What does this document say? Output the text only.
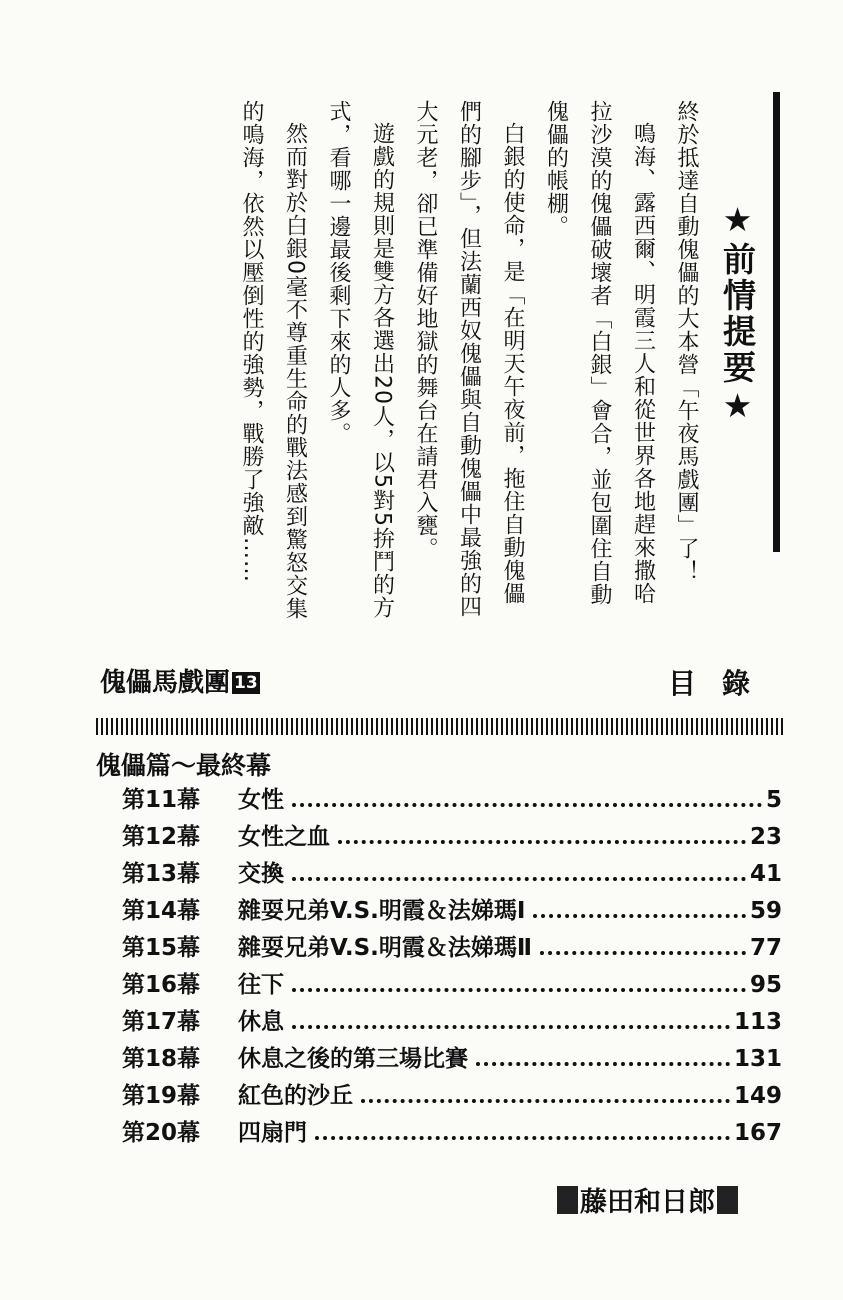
★前情提要★

終於抵達自動傀儡的大本營「午夜馬戲團」了！

鳴海、露西爾、明霞三人和從世界各地趕來撒哈拉沙漠的傀儡破壞者「白銀」會合，並包圍住自動傀儡的帳棚。

白銀的使命，是「在明天午夜前，拖住自動傀儡們的腳步」，但法蘭西奴傀儡與自動傀儡中最強的四大元老，卻已準備好地獄的舞台在請君入甕。

遊戲的規則是雙方各選出20人，以5對5拚鬥的方式，看哪一邊最後剩下來的人多。

然而對於白銀0毫不尊重生命的戰法感到驚怒交集的鳴海，依然以壓倒性的強勢，戰勝了強敵……

傀儡馬戲團 13	目錄
傀儡篇～最終幕
第11幕	女性	5
第12幕	女性之血	23
第13幕	交換	41
第14幕	雜耍兄弟V.S.明霞＆法娣瑪Ⅰ	59
第15幕	雜耍兄弟V.S.明霞＆法娣瑪Ⅱ	77
第16幕	往下	95
第17幕	休息	113
第18幕	休息之後的第三場比賽	131
第19幕	紅色的沙丘	149
第20幕	四扇門	167
藤田和日郎
